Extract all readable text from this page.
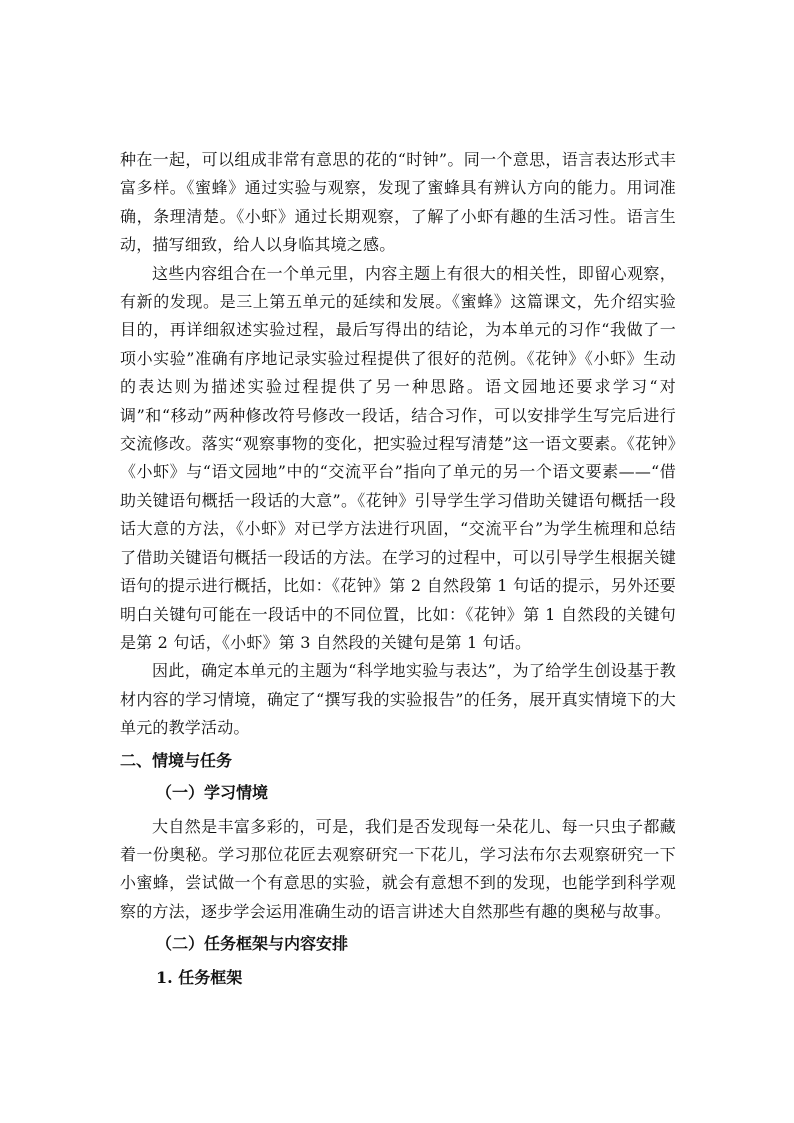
种在一起，可以组成非常有意思的花的“时钟”。同一个意思，语言表达形式丰富多样。《蜜蜂》通过实验与观察，发现了蜜蜂具有辨认方向的能力。用词准确，条理清楚。《小虾》通过长期观察，了解了小虾有趣的生活习性。语言生动，描写细致，给人以身临其境之感。

这些内容组合在一个单元里，内容主题上有很大的相关性，即留心观察，有新的发现。是三上第五单元的延续和发展。《蜜蜂》这篇课文，先介绍实验目的，再详细叙述实验过程，最后写得出的结论，为本单元的习作“我做了一项小实验”准确有序地记录实验过程提供了很好的范例。《花钟》《小虾》生动的表达则为描述实验过程提供了另一种思路。语文园地还要求学习“对调”和“移动”两种修改符号修改一段话，结合习作，可以安排学生写完后进行交流修改。落实“观察事物的变化，把实验过程写清楚”这一语文要素。《花钟》《小虾》与“语文园地”中的“交流平台”指向了单元的另一个语文要素——“借助关键语句概括一段话的大意”。《花钟》引导学生学习借助关键语句概括一段话大意的方法，《小虾》对已学方法进行巩固，“交流平台”为学生梳理和总结了借助关键语句概括一段话的方法。在学习的过程中，可以引导学生根据关键语句的提示进行概括，比如：《花钟》第 2 自然段第 1 句话的提示，另外还要明白关键句可能在一段话中的不同位置，比如：《花钟》第 1 自然段的关键句是第 2 句话，《小虾》第 3 自然段的关键句是第 1 句话。

因此，确定本单元的主题为“科学地实验与表达”，为了给学生创设基于教材内容的学习情境，确定了“撰写我的实验报告”的任务，展开真实情境下的大单元的教学活动。

二、情境与任务

（一）学习情境

大自然是丰富多彩的，可是，我们是否发现每一朵花儿、每一只虫子都藏着一份奥秘。学习那位花匠去观察研究一下花儿，学习法布尔去观察研究一下小蜜蜂，尝试做一个有意思的实验，就会有意想不到的发现，也能学到科学观察的方法，逐步学会运用准确生动的语言讲述大自然那些有趣的奥秘与故事。

（二）任务框架与内容安排

1. 任务框架
